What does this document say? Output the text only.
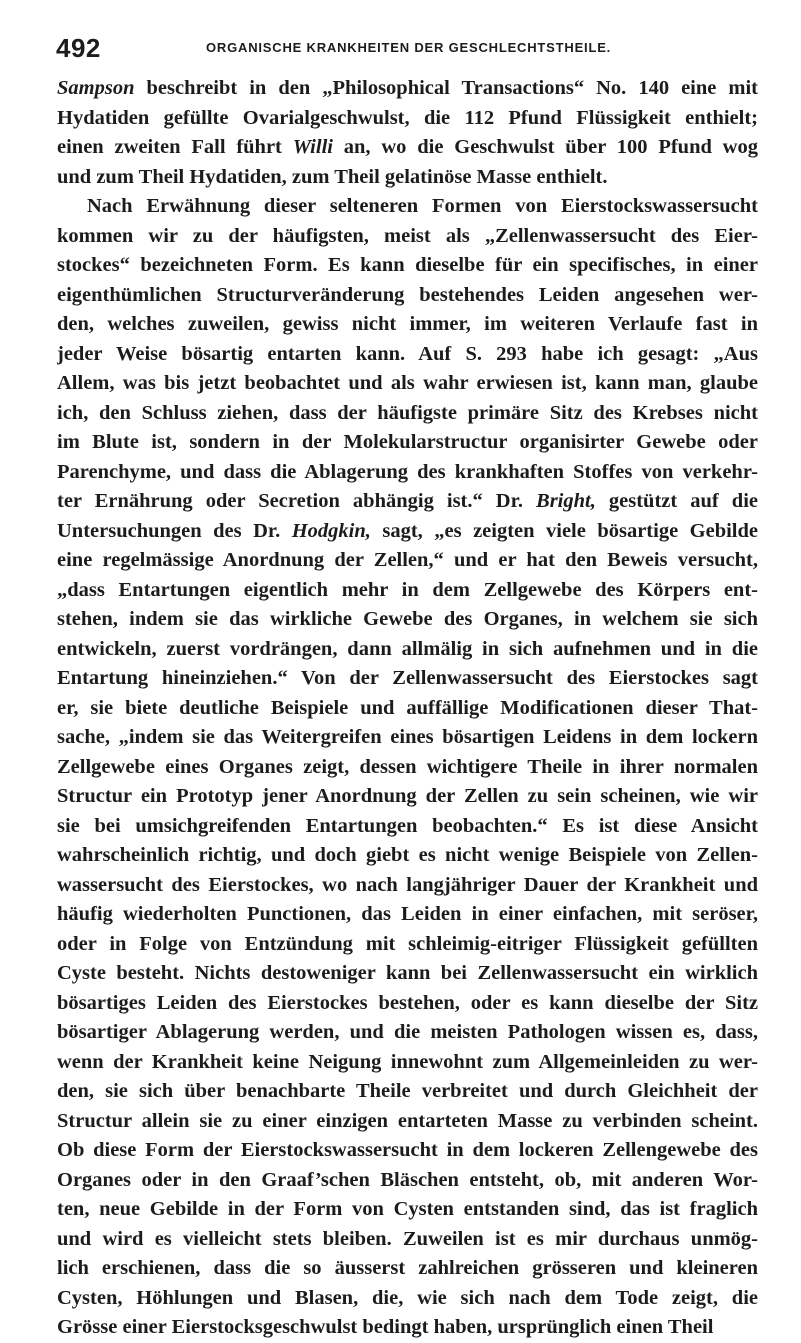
492	ORGANISCHE KRANKHEITEN DER GESCHLECHTSTHEILE.
Sampson beschreibt in den „Philosophical Transactions“ No. 140 eine mit
Hydatiden gefüllte Ovarialgeschwulst, die 112 Pfund Flüssigkeit enthielt;
einen zweiten Fall führt Willi an, wo die Geschwulst über 100 Pfund wog
und zum Theil Hydatiden, zum Theil gelatinöse Masse enthielt.
Nach Erwähnung dieser selteneren Formen von Eierstockswassersucht
kommen wir zu der häufigsten, meist als „Zellenwassersucht des Eier-
stockes“ bezeichneten Form. Es kann dieselbe für ein specifisches, in einer
eigenthümlichen Structurveränderung bestehendes Leiden angesehen wer-
den, welches zuweilen, gewiss nicht immer, im weiteren Verlaufe fast in
jeder Weise bösartig entarten kann. Auf S. 293 habe ich gesagt: „Aus
Allem, was bis jetzt beobachtet und als wahr erwiesen ist, kann man, glaube
ich, den Schluss ziehen, dass der häufigste primäre Sitz des Krebses nicht
im Blute ist, sondern in der Molekularstructur organisirter Gewebe oder
Parenchyme, und dass die Ablagerung des krankhaften Stoffes von verkehr-
ter Ernährung oder Secretion abhängig ist.“ Dr. Bright, gestützt auf die
Untersuchungen des Dr. Hodgkin, sagt, „es zeigten viele bösartige Gebilde
eine regelmässige Anordnung der Zellen,“ und er hat den Beweis versucht,
„dass Entartungen eigentlich mehr in dem Zellgewebe des Körpers ent-
stehen, indem sie das wirkliche Gewebe des Organes, in welchem sie sich
entwickeln, zuerst vordrängen, dann allmälig in sich aufnehmen und in die
Entartung hineinziehen.“ Von der Zellenwassersucht des Eierstockes sagt
er, sie biete deutliche Beispiele und auffällige Modificationen dieser That-
sache, „indem sie das Weitergreifen eines bösartigen Leidens in dem lockern
Zellgewebe eines Organes zeigt, dessen wichtigere Theile in ihrer normalen
Structur ein Prototyp jener Anordnung der Zellen zu sein scheinen, wie wir
sie bei umsichgreifenden Entartungen beobachten.“ Es ist diese Ansicht
wahrscheinlich richtig, und doch giebt es nicht wenige Beispiele von Zellen-
wassersucht des Eierstockes, wo nach langjähriger Dauer der Krankheit und
häufig wiederholten Punctionen, das Leiden in einer einfachen, mit seröser,
oder in Folge von Entzündung mit schleimig-eitriger Flüssigkeit gefüllten
Cyste besteht. Nichts destoweniger kann bei Zellenwassersucht ein wirklich
bösartiges Leiden des Eierstockes bestehen, oder es kann dieselbe der Sitz
bösartiger Ablagerung werden, und die meisten Pathologen wissen es, dass,
wenn der Krankheit keine Neigung innewohnt zum Allgemeinleiden zu wer-
den, sie sich über benachbarte Theile verbreitet und durch Gleichheit der
Structur allein sie zu einer einzigen entarteten Masse zu verbinden scheint.
Ob diese Form der Eierstockswassersucht in dem lockeren Zellengewebe des
Organes oder in den Graaf’schen Bläschen entsteht, ob, mit anderen Wor-
ten, neue Gebilde in der Form von Cysten entstanden sind, das ist fraglich
und wird es vielleicht stets bleiben. Zuweilen ist es mir durchaus unmög-
lich erschienen, dass die so äusserst zahlreichen grösseren und kleineren
Cysten, Höhlungen und Blasen, die, wie sich nach dem Tode zeigt, die
Grösse einer Eierstocksgeschwulst bedingt haben, ursprünglich einen Theil
